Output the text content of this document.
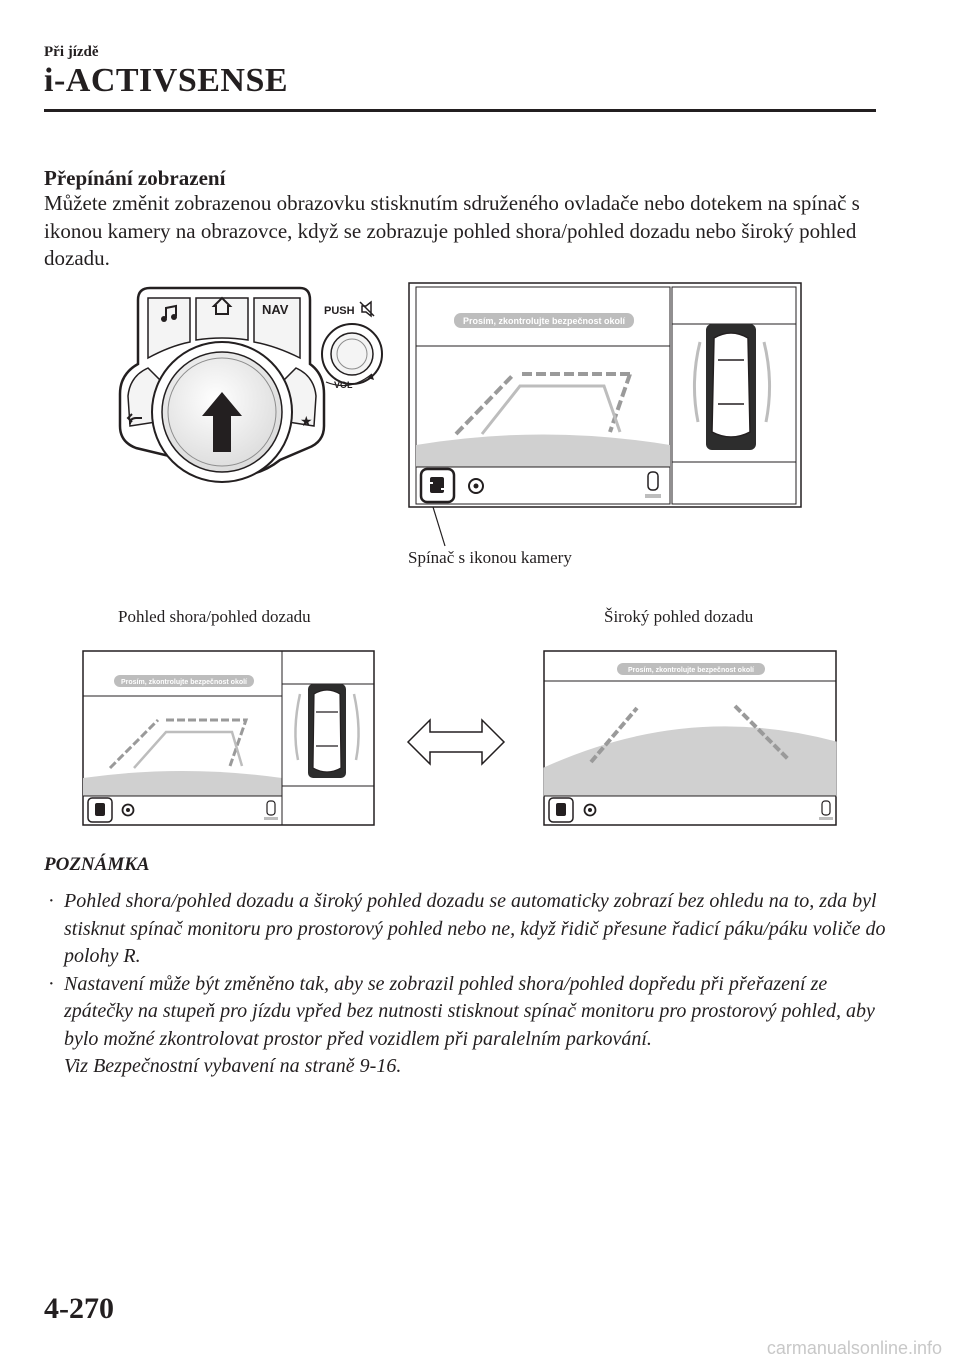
Při jízdě
i-ACTIVSENSE
Přepínání zobrazení
Můžete změnit zobrazenou obrazovku stisknutím sdruženého ovladače nebo dotekem na spínač s ikonou kamery na obrazovce, když se zobrazuje pohled shora/pohled dozadu nebo široký pohled dozadu.
NAV
★
PUSH
VOL
Prosím, zkontrolujte bezpečnost okolí
Spínač s ikonou kamery
Pohled shora/pohled dozadu	Široký pohled dozadu
Prosím, zkontrolujte bezpečnost okolí
Prosím, zkontrolujte bezpečnost okolí
POZNÁMKA
· Pohled shora/pohled dozadu a široký pohled dozadu se automaticky zobrazí bez ohledu na to, zda byl stisknut spínač monitoru pro prostorový pohled nebo ne, když řidič přesune řadicí páku/páku voliče do polohy R.
· Nastavení může být změněno tak, aby se zobrazil pohled shora/pohled dopředu při přeřazení ze zpátečky na stupeň pro jízdu vpřed bez nutnosti stisknout spínač monitoru pro prostorový pohled, aby bylo možné zkontrolovat prostor před vozidlem při paralelním parkování.
Viz Bezpečnostní vybavení na straně 9-16.
4-270
carmanualsonline.info
